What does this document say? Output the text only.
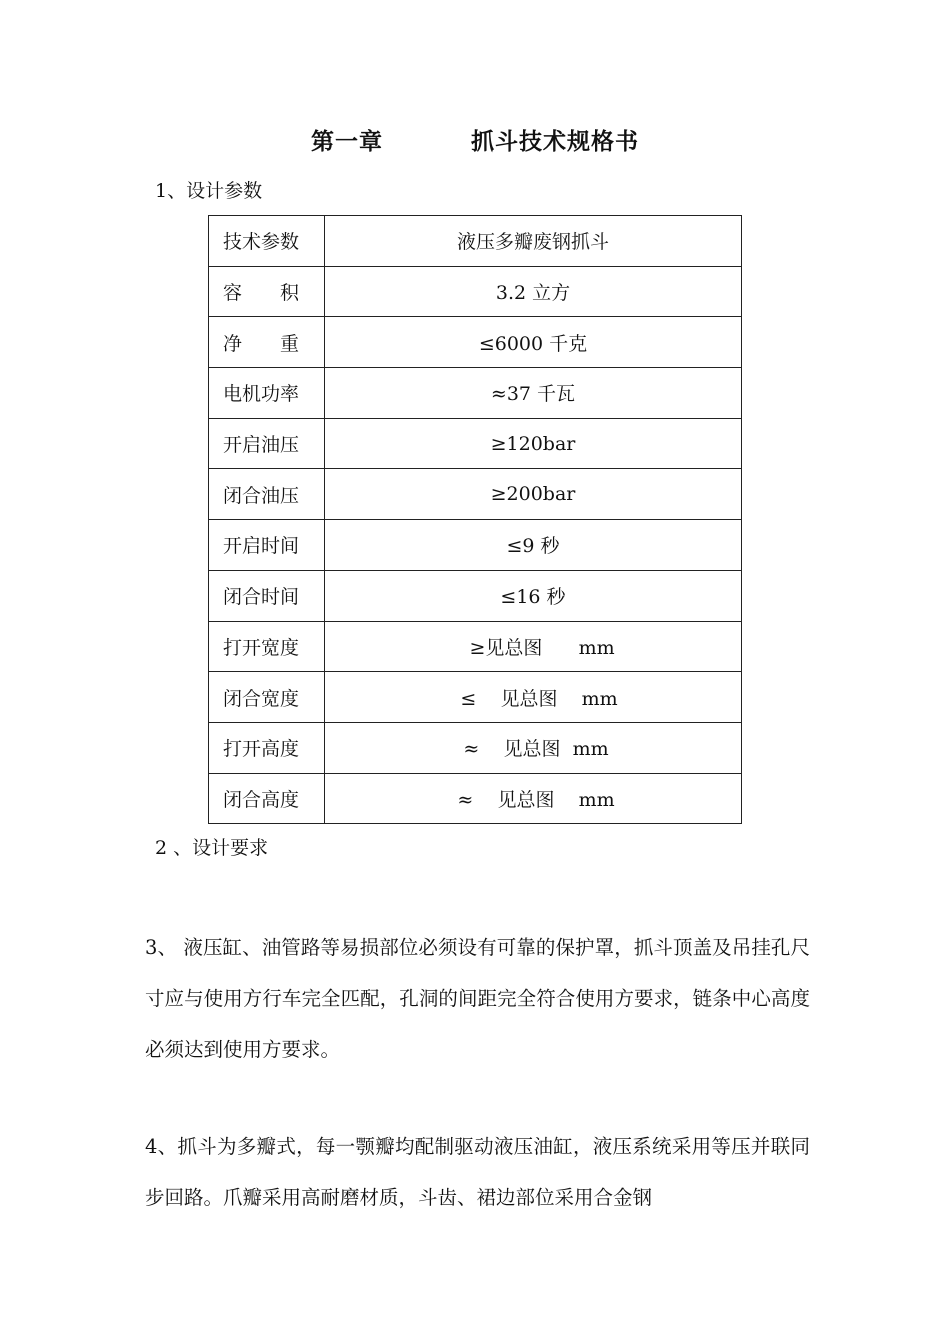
第一章	抓斗技术规格书
1、设计参数
技术参数	液压多瓣废钢抓斗
容　　积	3.2 立方
净　　重	≤6000 千克
电机功率	≈37 千瓦
开启油压	≥120bar
闭合油压	≥200bar
开启时间	≤9 秒
闭合时间	≤16 秒
打开宽度	≥见总图      mm
闭合宽度	≤    见总图    mm
打开高度	≈    见总图  mm
闭合高度	≈    见总图    mm
2 、设计要求
3、 液压缸、油管路等易损部位必须设有可靠的保护罩，抓斗顶盖及吊挂孔尺寸应与使用方行车完全匹配，孔洞的间距完全符合使用方要求，链条中心高度必须达到使用方要求。
4、抓斗为多瓣式，每一颚瓣均配制驱动液压油缸，液压系统采用等压并联同步回路。爪瓣采用高耐磨材质，斗齿、裙边部位采用合金钢
